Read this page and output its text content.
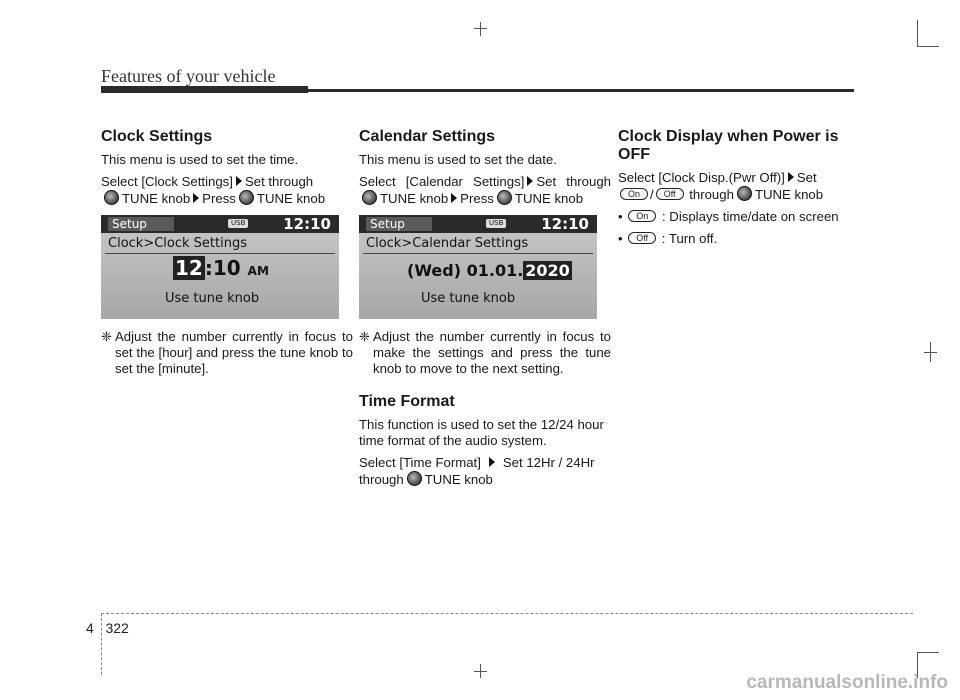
Features of your vehicle
Clock Settings

This menu is used to set the time.

Select [Clock Settings] Set through
TUNE knob Press TUNE knob

Setup	USB	12:10
Clock>Clock Settings
12 :10 AM
Use tune knob
❈ Adjust the number currently in focus to set the [hour] and press the tune knob to set the [minute].
Calendar Settings

This menu is used to set the date.

Select [Calendar Settings] Set throughTUNE knob Press TUNE knob

Setup	USB	12:10
Clock>Calendar Settings
(Wed) 01.01. 2020
Use tune knob
❈ Adjust the number currently in focus to make the settings and press the tune knob to move to the next setting.
Time Format

This function is used to set the 12/24 hour time format of the audio system.

Select [Time Format] Set 12Hr / 24Hr through TUNE knob

Clock Display when Power is OFF

Select [Clock Disp.(Pwr Off)] Set
On / Off through TUNE knob

• On : Displays time/date on screen

• Off : Turn off.

4 322
carmanualsonline.info
